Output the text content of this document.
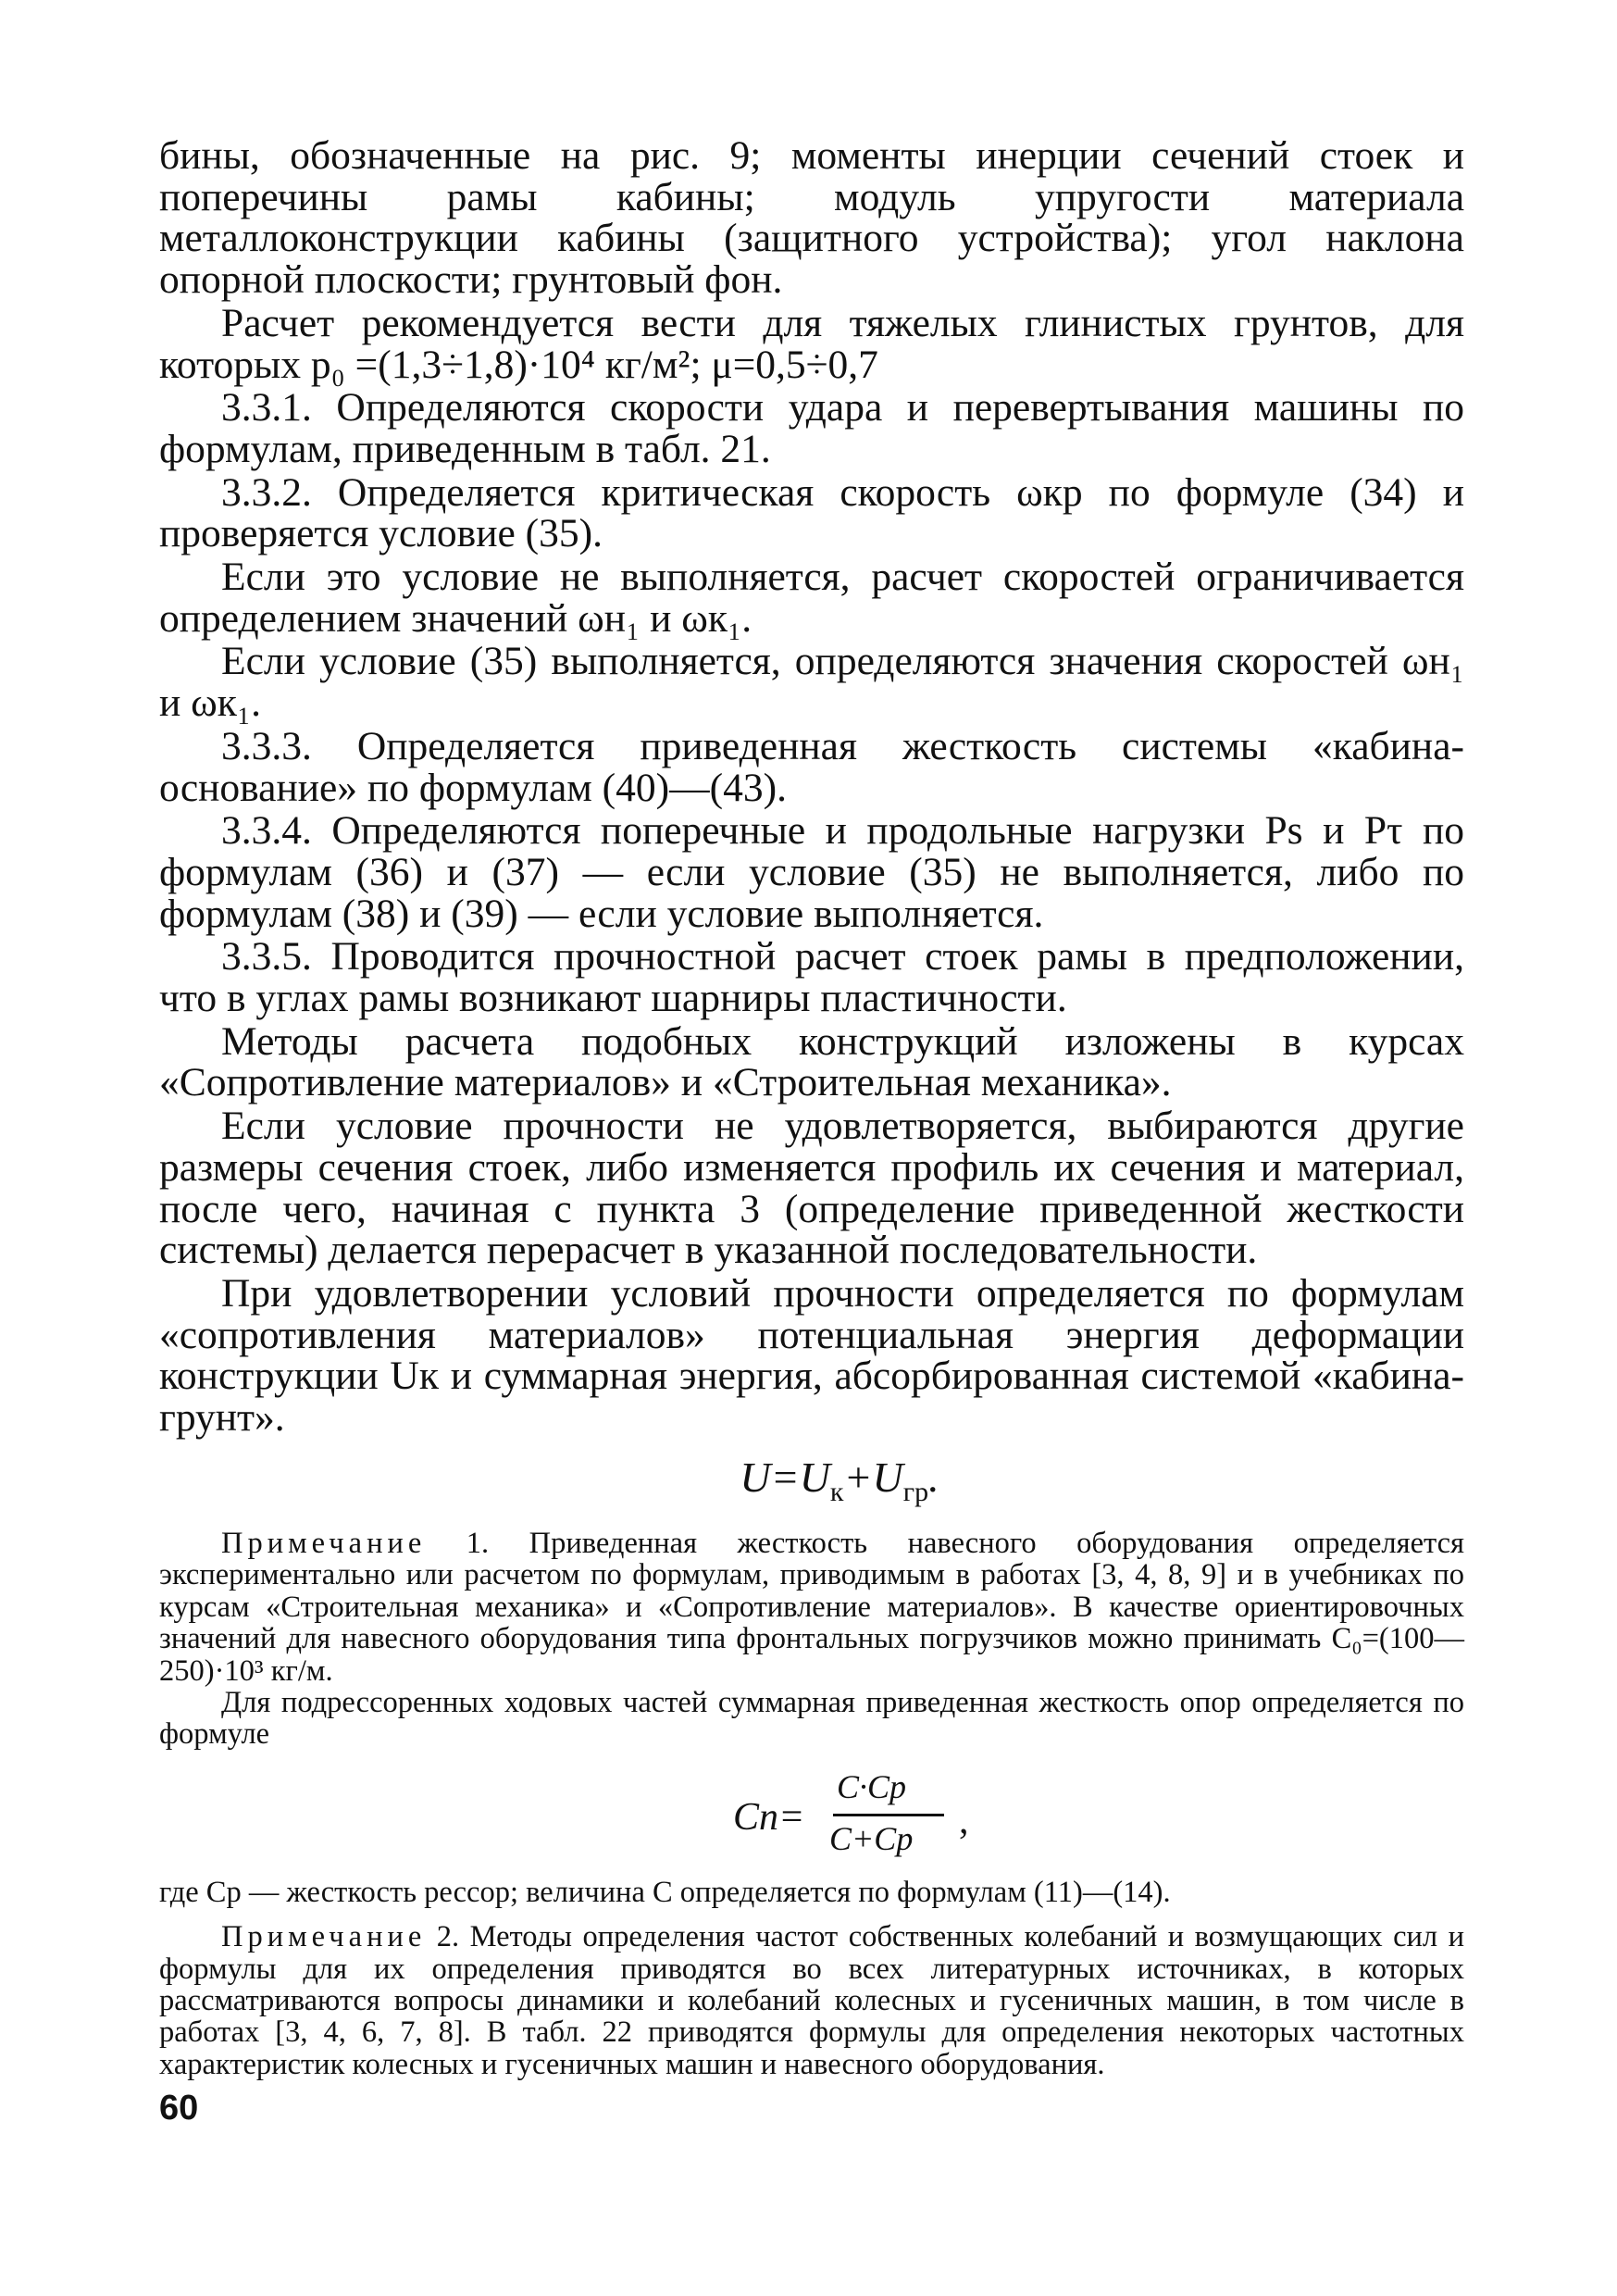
бины, обозначенные на рис. 9; моменты инерции сечений стоек и поперечины рамы кабины; модуль упругости материала металлоконструкции кабины (защитного устройства); угол наклона опорной плоскости; грунтовый фон.

Расчет рекомендуется вести для тяжелых глинистых грунтов, для которых p₀ =(1,3÷1,8)·10⁴ кг/м²; μ=0,5÷0,7

3.3.1. Определяются скорости удара и перевертывания машины по формулам, приведенным в табл. 21.

3.3.2. Определяется критическая скорость ωкр по формуле (34) и проверяется условие (35).

Если это условие не выполняется, расчет скоростей ограничивается определением значений ωн₁ и ωк₁.

Если условие (35) выполняется, определяются значения скоростей ωн₁ и ωк₁.

3.3.3. Определяется приведенная жесткость системы «кабина-основание» по формулам (40)—(43).

3.3.4. Определяются поперечные и продольные нагрузки Ps и Pτ по формулам (36) и (37) — если условие (35) не выполняется, либо по формулам (38) и (39) — если условие выполняется.

3.3.5. Проводится прочностной расчет стоек рамы в предположении, что в углах рамы возникают шарниры пластичности.

Методы расчета подобных конструкций изложены в курсах «Сопротивление материалов» и «Строительная механика».

Если условие прочности не удовлетворяется, выбираются другие размеры сечения стоек, либо изменяется профиль их сечения и материал, после чего, начиная с пункта 3 (определение приведенной жесткости системы) делается перерасчет в указанной последовательности.

При удовлетворении условий прочности определяется по формулам «сопротивления материалов» потенциальная энергия деформации конструкции Uк и суммарная энергия, абсорбированная системой «кабина-грунт».

$U=U_к+U_{гр}$.

Примечание 1. Приведенная жесткость навесного оборудования определяется экспериментально или расчетом по формулам, приводимым в работах [3, 4, 8, 9] и в учебниках по курсам «Строительная механика» и «Сопротивление материалов». В качестве ориентировочных значений для навесного оборудования типа фронтальных погрузчиков можно принимать C₀=(100—250)·10³ кг/м.

Для подрессоренных ходовых частей суммарная приведенная жесткость опор определяется по формуле

Cп=
C·Cр
C+Cр ,

где Cр — жесткость рессор; величина C определяется по формулам (11)—(14).

Примечание 2. Методы определения частот собственных колебаний и возмущающих сил и формулы для их определения приводятся во всех литературных источниках, в которых рассматриваются вопросы динамики и колебаний колесных и гусеничных машин, в том числе в работах [3, 4, 6, 7, 8]. В табл. 22 приводятся формулы для определения некоторых частотных характеристик колесных и гусеничных машин и навесного оборудования.

60
